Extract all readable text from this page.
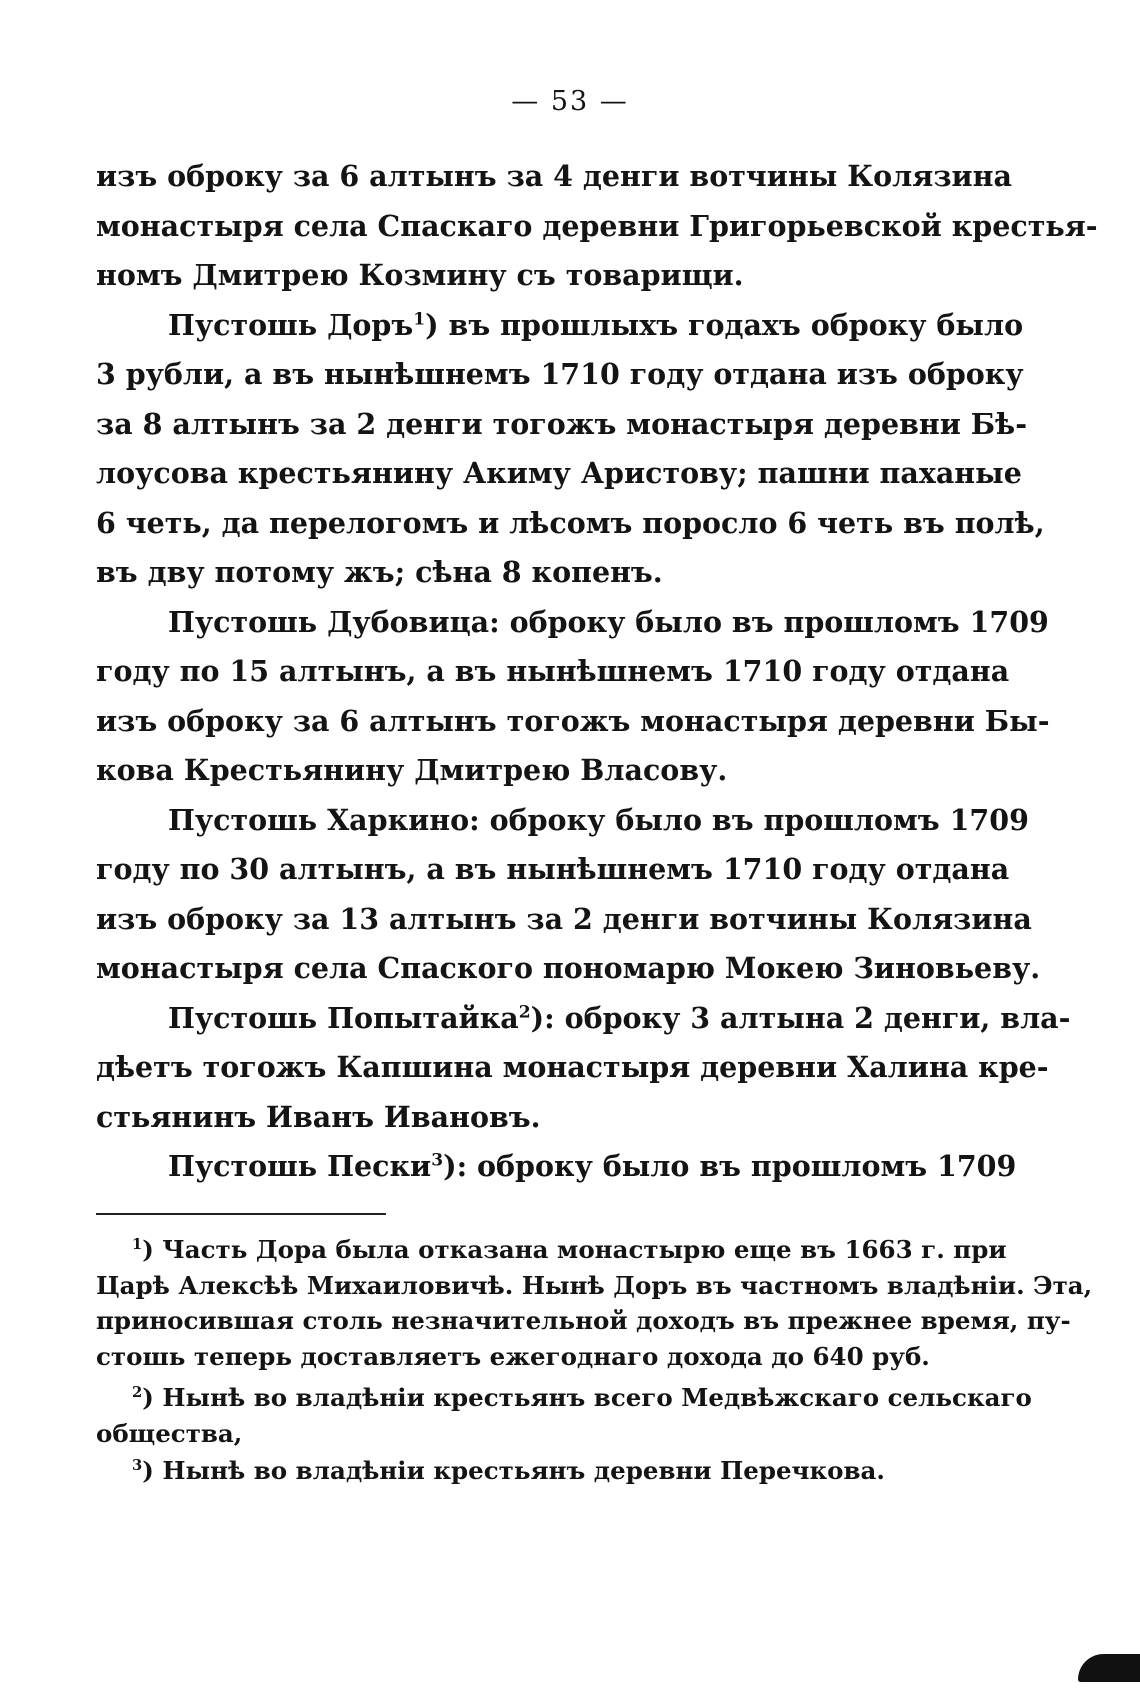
— 53 —

изъ оброку за 6 алтынъ за 4 денги вотчины Колязина
монастыря села Спаскаго деревни Григорьевской крестья-
номъ Дмитрею Козмину съ товарищи.

Пустошь Доръ$^1$) въ прошлыхъ годахъ оброку было
3 рубли, а въ нынѣшнемъ 1710 году отдана изъ оброку
за 8 алтынъ за 2 денги тогожъ монастыря деревни Бѣ-
лоусова крестьянину Акиму Аристову; пашни паханые
6 четь, да перелогомъ и лѣсомъ поросло 6 четь въ полѣ,
въ дву потому жъ; сѣна 8 копенъ.

Пустошь Дубовица: оброку было въ прошломъ 1709
году по 15 алтынъ, а въ нынѣшнемъ 1710 году отдана
изъ оброку за 6 алтынъ тогожъ монастыря деревни Бы-
кова Крестьянину Дмитрею Власову.

Пустошь Харкино: оброку было въ прошломъ 1709
году по 30 алтынъ, а въ нынѣшнемъ 1710 году отдана
изъ оброку за 13 алтынъ за 2 денги вотчины Колязина
монастыря села Спаского пономарю Мокею Зиновьеву.

Пустошь Попытайка$^2$): оброку 3 алтына 2 денги, вла-
дѣетъ тогожъ Капшина монастыря деревни Халина кре-
стьянинъ Иванъ Ивановъ.

Пустошь Пески$^3$): оброку было въ прошломъ 1709

$^1$) Часть Дора была отказана монастырю еще въ 1663 г. при
Царѣ Алексѣѣ Михаиловичѣ. Нынѣ Доръ въ частномъ владѣнiи. Эта,
приносившая столь незначительной доходъ въ прежнее время, пу-
стошь теперь доставляетъ ежегоднаго дохода до 640 руб.
$^2$) Нынѣ во владѣнiи крестьянъ всего Медвѣжскаго сельскаго
общества,
$^3$) Нынѣ во владѣнiи крестьянъ деревни Перечкова.
